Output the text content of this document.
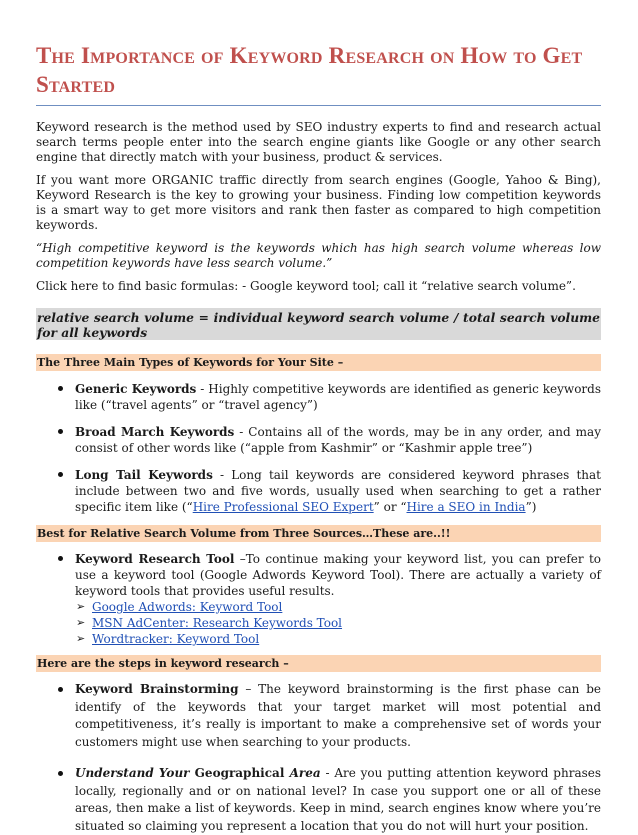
The Importance of Keyword Research on How to Get Started

Keyword research is the method used by SEO industry experts to find and research actual search terms people enter into the search engine giants like Google or any other search engine that directly match with your business, product & services.

If you want more ORGANIC traffic directly from search engines (Google, Yahoo & Bing), Keyword Research is the key to growing your business. Finding low competition keywords is a smart way to get more visitors and rank then faster as compared to high competition keywords.

“High competitive keyword is the keywords which has high search volume whereas low competition keywords have less search volume.”

Click here to find basic formulas: - Google keyword tool; call it “relative search volume”.

relative search volume = individual keyword search volume / total search volume for all keywords
The Three Main Types of Keywords for Your Site –
Generic Keywords - Highly competitive keywords are identified as generic keywords like (“travel agents” or “travel agency”)
Broad March Keywords - Contains all of the words, may be in any order, and may consist of other words like (“apple from Kashmir” or “Kashmir apple tree”)
Long Tail Keywords - Long tail keywords are considered keyword phrases that include between two and five words, usually used when searching to get a rather specific item like (“Hire Professional SEO Expert” or “Hire a SEO in India”)
Best for Relative Search Volume from Three Sources…These are..!!
Keyword Research Tool –To continue making your keyword list, you can prefer to use a keyword tool (Google Adwords Keyword Tool). There are actually a variety of keyword tools that provides useful results.
➢ Google Adwords: Keyword Tool
➢ MSN AdCenter: Research Keywords Tool
➢ Wordtracker: Keyword Tool
Here are the steps in keyword research –
Keyword Brainstorming – The keyword brainstorming is the first phase can be identify of the keywords that your target market will most potential and competitiveness, it’s really is important to make a comprehensive set of words your customers might use when searching to your products.
Understand Your Geographical Area - Are you putting attention keyword phrases locally, regionally and or on national level? In case you support one or all of these areas, then make a list of keywords. Keep in mind, search engines know where you’re situated so claiming you represent a location that you do not will hurt your position.
